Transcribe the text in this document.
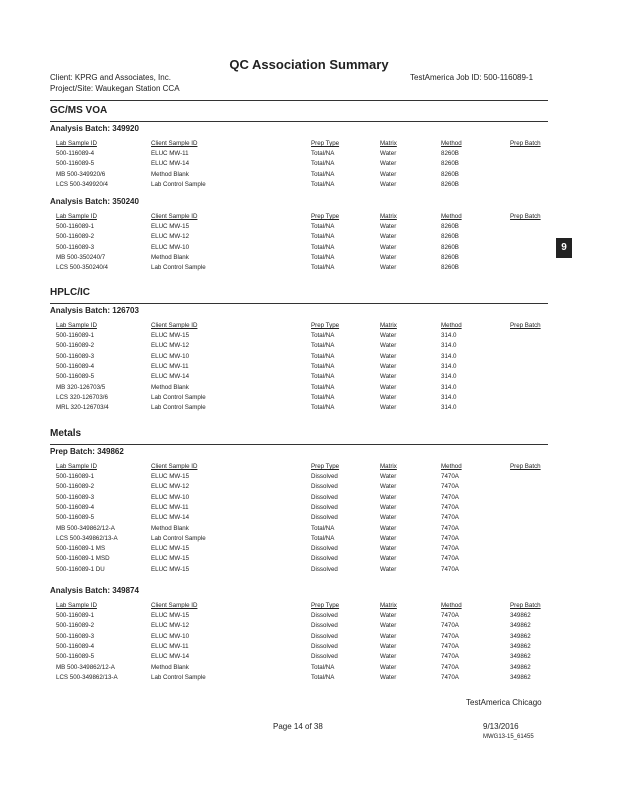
QC Association Summary
Client: KPRG and Associates, Inc.
Project/Site: Waukegan Station CCA
TestAmerica Job ID: 500-116089-1
9
GC/MS VOA
Analysis Batch: 349920
Lab Sample ID	Client Sample ID	Prep Type	Matrix	Method	Prep Batch
500-116089-4	ELUC MW-11	Total/NA	Water	8260B
500-116089-5	ELUC MW-14	Total/NA	Water	8260B
MB 500-349920/6	Method Blank	Total/NA	Water	8260B
LCS 500-349920/4	Lab Control Sample	Total/NA	Water	8260B
Analysis Batch: 350240
Lab Sample ID	Client Sample ID	Prep Type	Matrix	Method	Prep Batch
500-116089-1	ELUC MW-15	Total/NA	Water	8260B
500-116089-2	ELUC MW-12	Total/NA	Water	8260B
500-116089-3	ELUC MW-10	Total/NA	Water	8260B
MB 500-350240/7	Method Blank	Total/NA	Water	8260B
LCS 500-350240/4	Lab Control Sample	Total/NA	Water	8260B
HPLC/IC
Analysis Batch: 126703
Lab Sample ID	Client Sample ID	Prep Type	Matrix	Method	Prep Batch
500-116089-1	ELUC MW-15	Total/NA	Water	314.0
500-116089-2	ELUC MW-12	Total/NA	Water	314.0
500-116089-3	ELUC MW-10	Total/NA	Water	314.0
500-116089-4	ELUC MW-11	Total/NA	Water	314.0
500-116089-5	ELUC MW-14	Total/NA	Water	314.0
MB 320-126703/5	Method Blank	Total/NA	Water	314.0
LCS 320-126703/6	Lab Control Sample	Total/NA	Water	314.0
MRL 320-126703/4	Lab Control Sample	Total/NA	Water	314.0
Metals
Prep Batch: 349862
Lab Sample ID	Client Sample ID	Prep Type	Matrix	Method	Prep Batch
500-116089-1	ELUC MW-15	Dissolved	Water	7470A
500-116089-2	ELUC MW-12	Dissolved	Water	7470A
500-116089-3	ELUC MW-10	Dissolved	Water	7470A
500-116089-4	ELUC MW-11	Dissolved	Water	7470A
500-116089-5	ELUC MW-14	Dissolved	Water	7470A
MB 500-349862/12-A	Method Blank	Total/NA	Water	7470A
LCS 500-349862/13-A	Lab Control Sample	Total/NA	Water	7470A
500-116089-1 MS	ELUC MW-15	Dissolved	Water	7470A
500-116089-1 MSD	ELUC MW-15	Dissolved	Water	7470A
500-116089-1 DU	ELUC MW-15	Dissolved	Water	7470A
Analysis Batch: 349874
Lab Sample ID	Client Sample ID	Prep Type	Matrix	Method	Prep Batch
500-116089-1	ELUC MW-15	Dissolved	Water	7470A	349862
500-116089-2	ELUC MW-12	Dissolved	Water	7470A	349862
500-116089-3	ELUC MW-10	Dissolved	Water	7470A	349862
500-116089-4	ELUC MW-11	Dissolved	Water	7470A	349862
500-116089-5	ELUC MW-14	Dissolved	Water	7470A	349862
MB 500-349862/12-A	Method Blank	Total/NA	Water	7470A	349862
LCS 500-349862/13-A	Lab Control Sample	Total/NA	Water	7470A	349862
TestAmerica Chicago
Page 14 of 38	9/13/2016
MWG13-15_61455
